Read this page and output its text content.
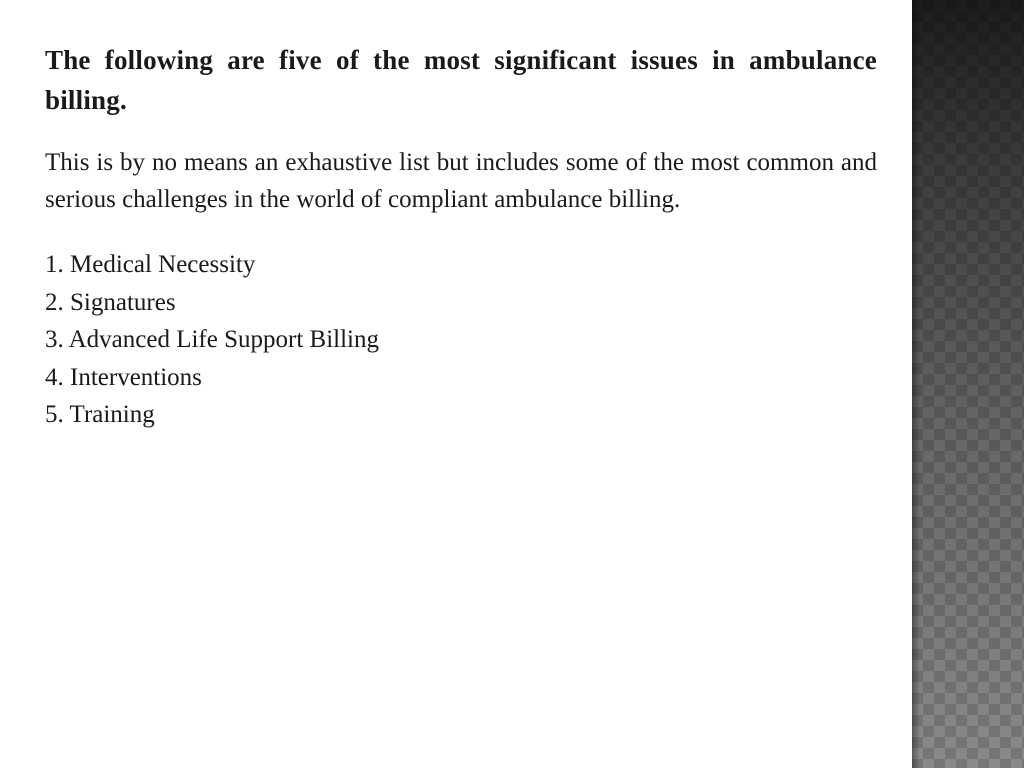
The following are five of the most significant issues in ambulance billing.

This is by no means an exhaustive list but includes some of the most common and serious challenges in the world of compliant ambulance billing.

1. Medical Necessity
2. Signatures
3. Advanced Life Support Billing
4. Interventions
5. Training
